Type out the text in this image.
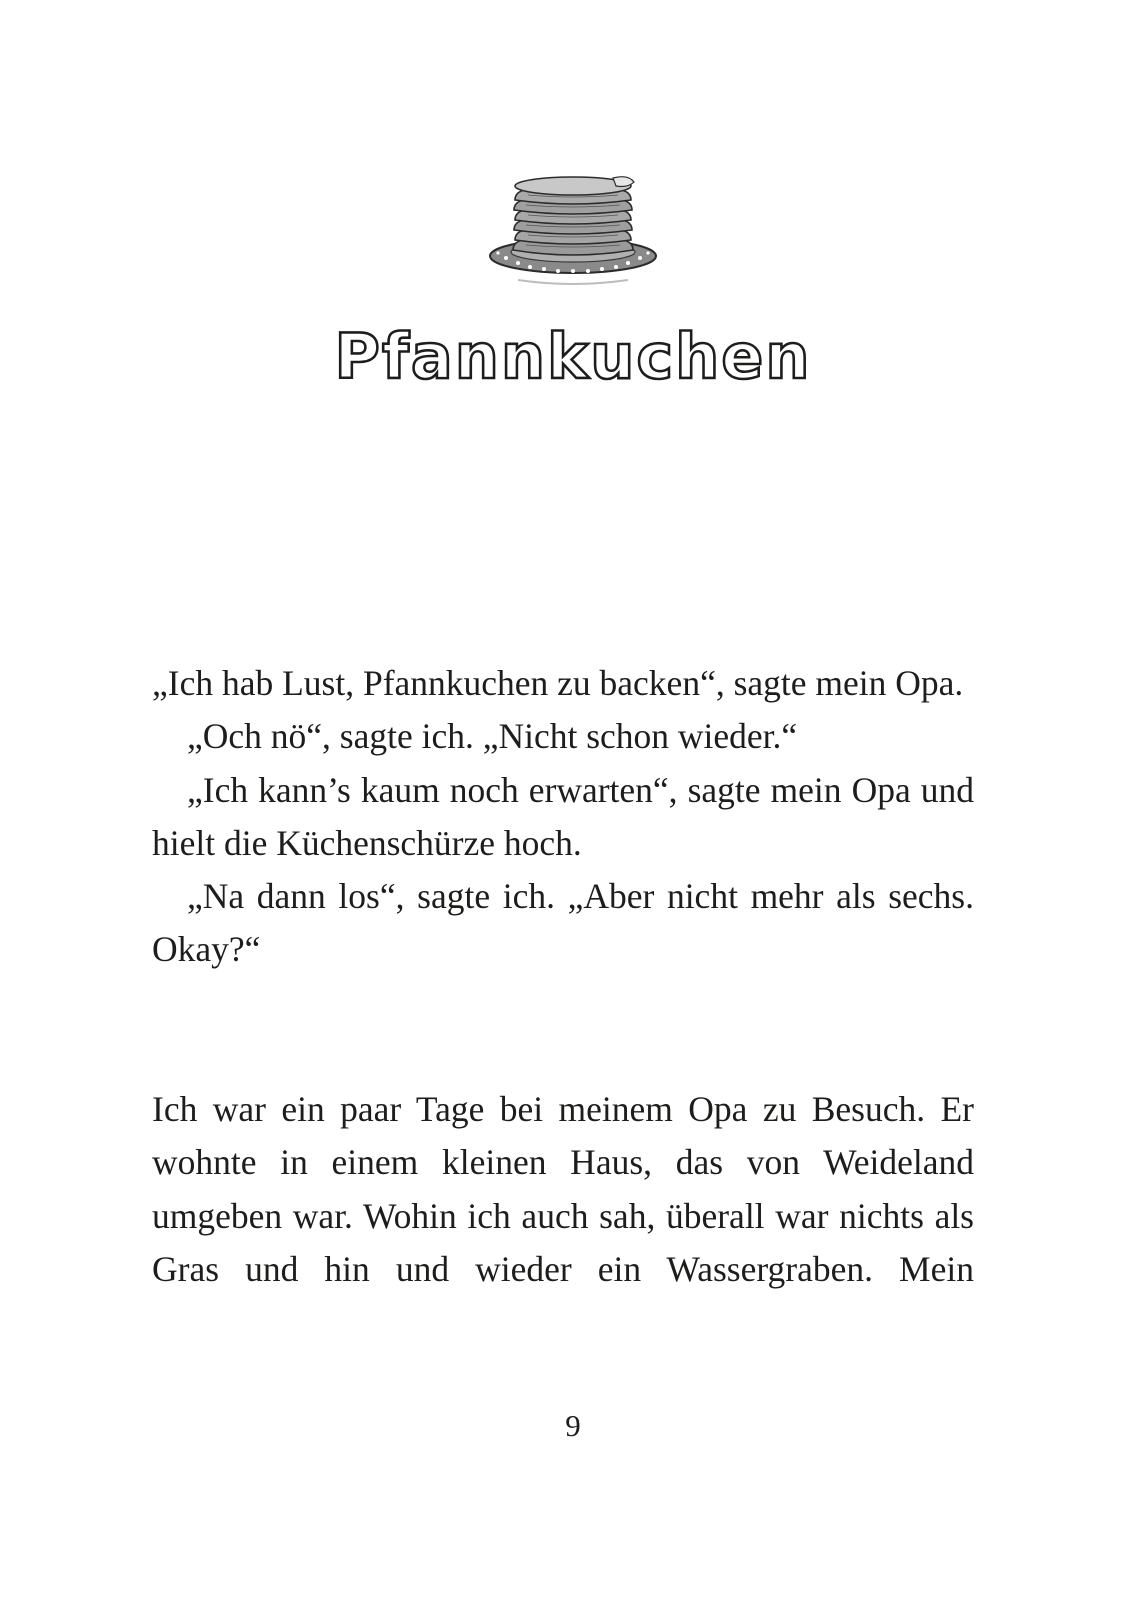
Pfannkuchen

„Ich hab Lust, Pfannkuchen zu backen“, sagte mein Opa.

„Och nö“, sagte ich. „Nicht schon wieder.“

„Ich kann’s kaum noch erwarten“, sagte mein Opa und hielt die Küchenschürze hoch.

„Na dann los“, sagte ich. „Aber nicht mehr als sechs. Okay?“

Ich war ein paar Tage bei meinem Opa zu Besuch. Er wohnte in einem kleinen Haus, das von Weideland umgeben war. Wohin ich auch sah, überall war nichts als Gras und hin und wieder ein Wassergraben. Mein

9
